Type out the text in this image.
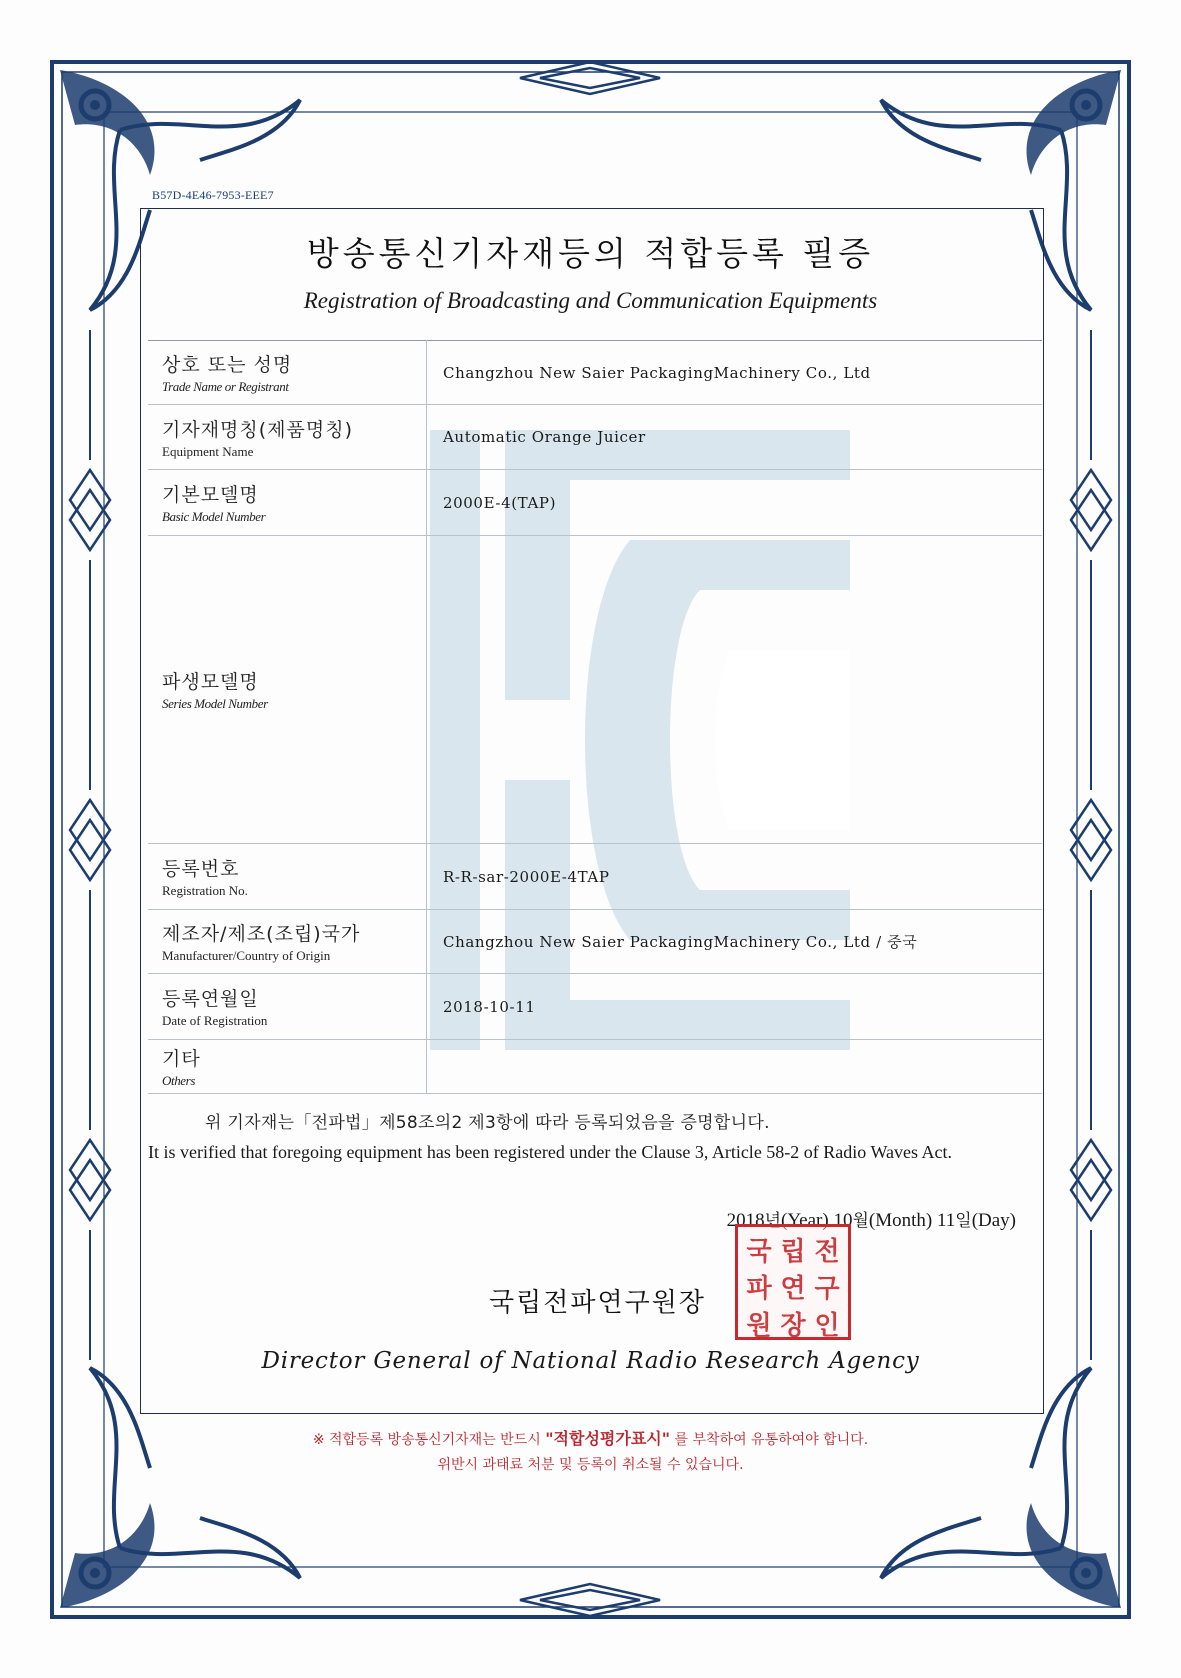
B57D-4E46-7953-EEE7
방송통신기자재등의 적합등록 필증
Registration of Broadcasting and Communication Equipments
상호 또는 성명
Trade Name or Registrant	Changzhou New Saier PackagingMachinery Co., Ltd

기자재명칭(제품명칭)
Equipment Name	Automatic Orange Juicer

기본모델명
Basic Model Number	2000E-4(TAP)

파생모델명
Series Model Number	

등록번호
Registration No.	R-R-sar-2000E-4TAP

제조자/제조(조립)국가
Manufacturer/Country of Origin	Changzhou New Saier PackagingMachinery Co., Ltd / 중국

등록연월일
Date of Registration	2018-10-11

기타
Others	

위 기자재는「전파법」제58조의2 제3항에 따라 등록되었음을 증명합니다.
It is verified that foregoing equipment has been registered under the Clause 3, Article 58-2 of Radio Waves Act.
2018년(Year) 10월(Month) 11일(Day)
국립전파연구원장
국 립 전
파 연 구
원 장 인
Director General of National Radio Research Agency
※ 적합등록 방송통신기자재는 반드시 "적합성평가표시" 를 부착하여 유통하여야 합니다.
위반시 과태료 처분 및 등록이 취소될 수 있습니다.
